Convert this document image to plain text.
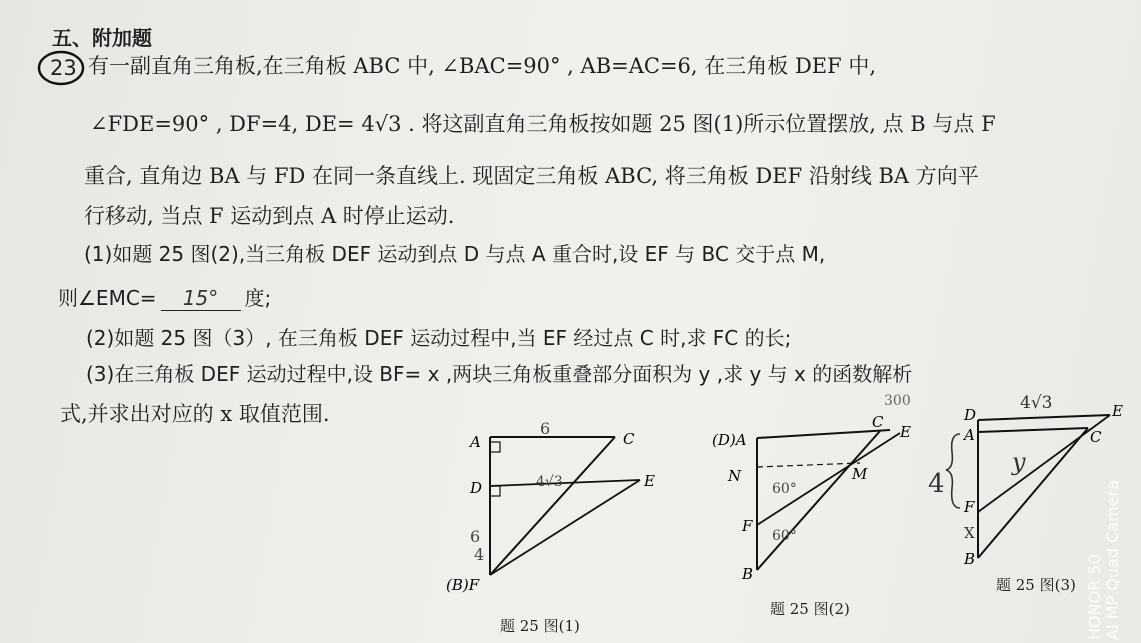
五、附加题
23 有一副直角三角板,在三角板 ABC 中, ∠BAC=90° , AB=AC=6, 在三角板 DEF 中,
∠FDE=90° , DF=4, DE= 4√3 . 将这副直角三角板按如题 25 图(1)所示位置摆放, 点 B 与点 F
重合, 直角边 BA 与 FD 在同一条直线上. 现固定三角板 ABC, 将三角板 DEF 沿射线 BA 方向平
行移动, 当点 F 运动到点 A 时停止运动.
(1)如题 25 图(2),当三角板 DEF 运动到点 D 与点 A 重合时,设 EF 与 BC 交于点 M,
则∠EMC= 15° 度;
(2)如题 25 图（3）, 在三角板 DEF 运动过程中,当 EF 经过点 C 时,求 FC 的长;
(3)在三角板 DEF 运动过程中,设 BF= x ,两块三角板重叠部分面积为 y ,求 y 与 x 的函数解析
式,并求出对应的 x 取值范围.
A	C
D	E
(B)F
6
4√3
6
4
题 25 图(1)
(D)A
C
E
N	M
F
B
60°
60°
300
题 25 图(2)
D
A
E
C
F
B
4√3
y
4
X
题 25 图(3) HONOR 50 AI MP Quad Camera
